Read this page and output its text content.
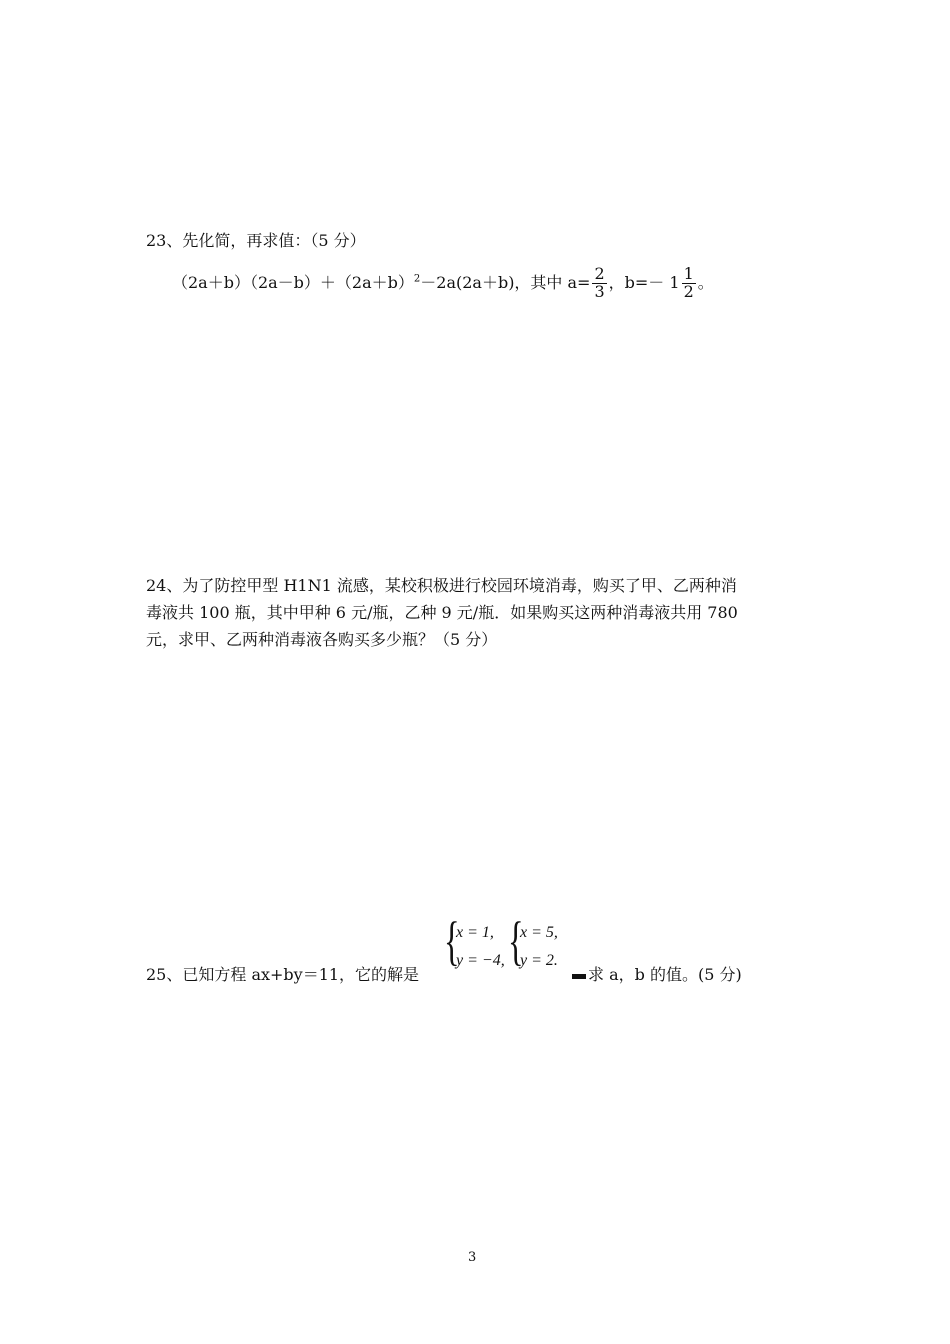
23、先化简，再求值：（5 分）
$(2a+b)(2a-b)+(2a+b)^2-2a(2a+b)$，其中 $a= \frac{2}{3}$ ，$b=- 1 \frac{1}{2}$ 。
24、为了防控甲型 H1N1 流感，某校积极进行校园环境消毒，购买了甲、乙两种消
毒液共 100 瓶，其中甲种 6 元/瓶，乙种 9 元/瓶．如果购买这两种消毒液共用 780
元，求甲、乙两种消毒液各购买多少瓶？（5 分）
25、已知方程 ax+by＝11，它的解是
{
x = 1,
y = −4, {
x = 5,
y = 2.
求 a，b 的值。(5 分)
3
